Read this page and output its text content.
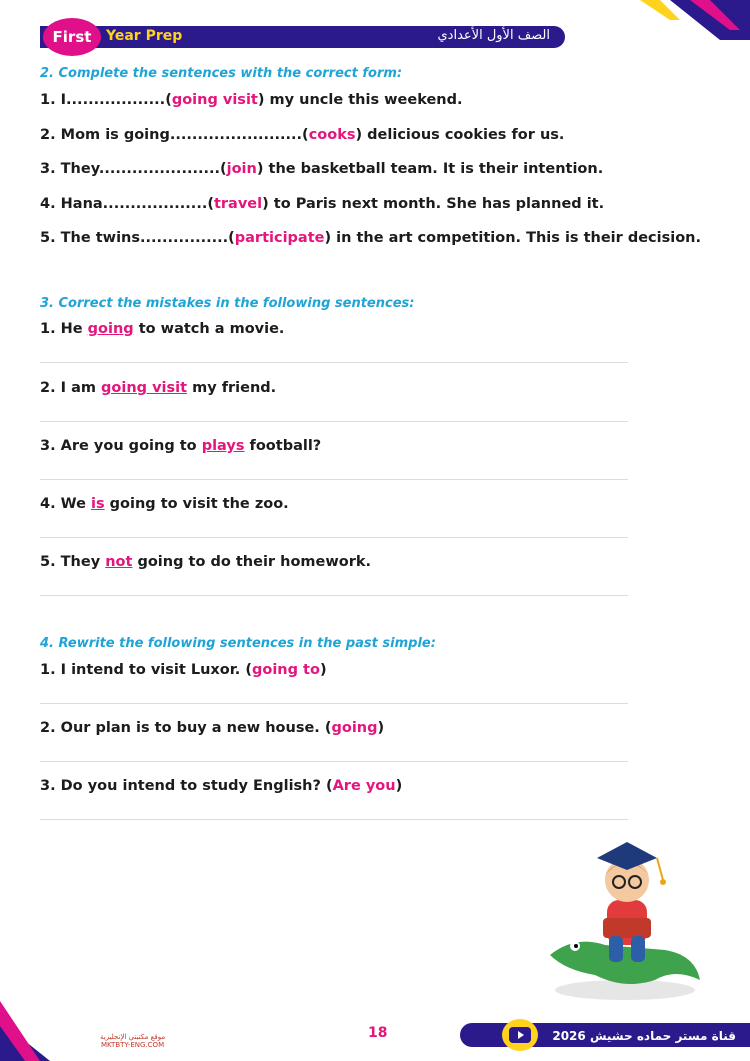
First	Year Prep	الصف الأول الأعدادي
2. Complete the sentences with the correct form:
1. I..................(going visit) my uncle this weekend.
2. Mom is going........................(cooks) delicious cookies for us.
3. They......................(join) the basketball team. It is their intention.
4. Hana...................(travel) to Paris next month. She has planned it.
5. The twins................(participate) in the art competition. This is their decision.
3. Correct the mistakes in the following sentences:
1. He going to watch a movie.
2. I am going visit my friend.
3. Are you going to plays football?
4. We is going to visit the zoo.
5. They not going to do their homework.
4. Rewrite the following sentences in the past simple:
1. I intend to visit Luxor. (going to)
2. Our plan is to buy a new house. (going)
3. Do you intend to study English? (Are you)
موقع مكتبتي الإنجليزية
MKTBTY-ENG.COM
18	قناة مستر حماده حشيش 2026
